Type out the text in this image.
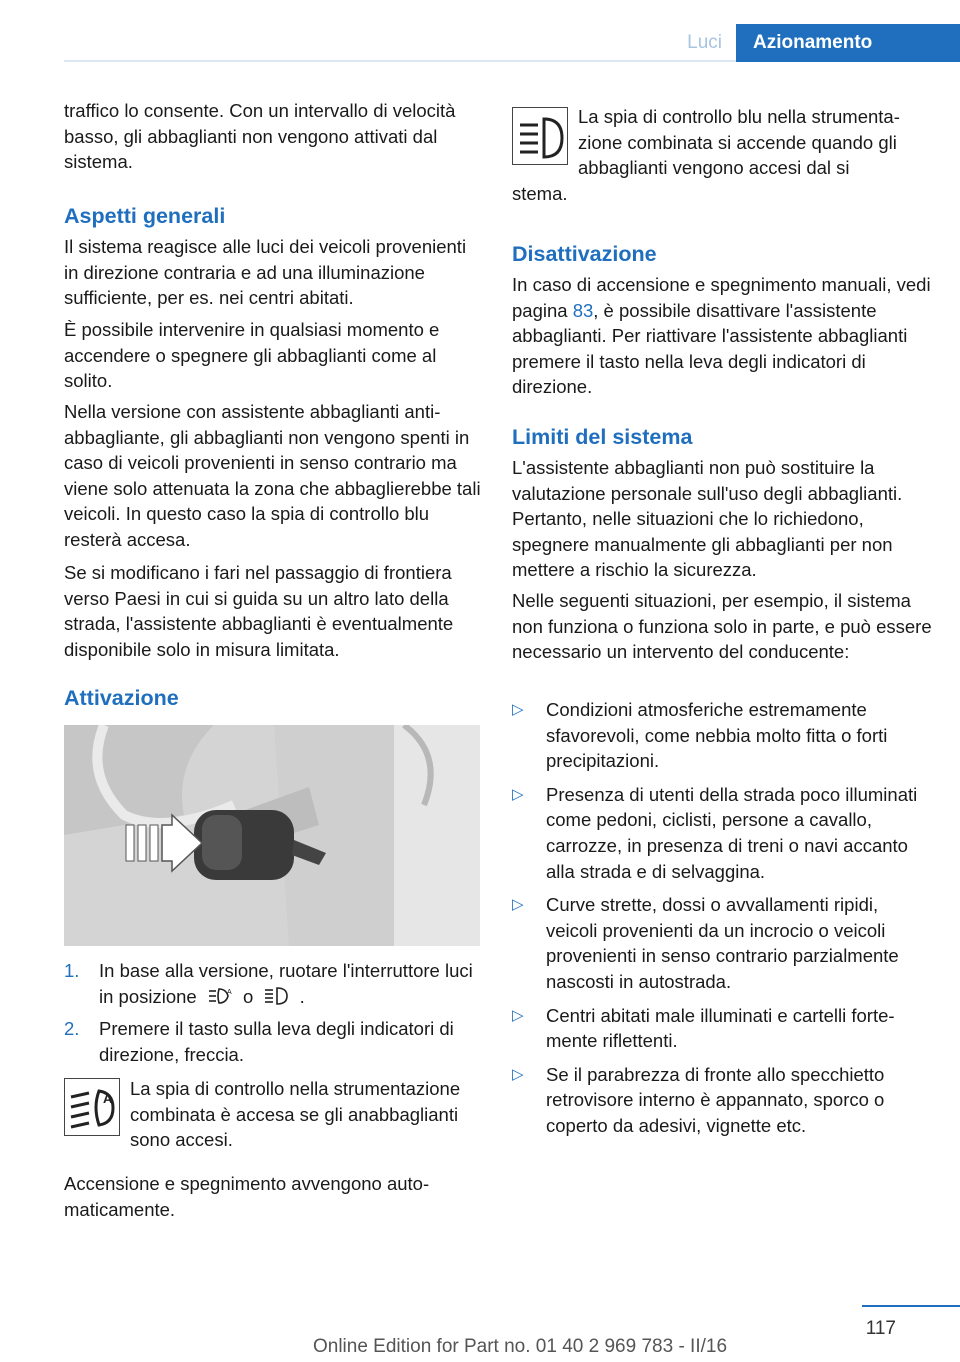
Luci	Azionamento

traffico lo consente. Con un intervallo di velocità basso, gli abbaglianti non vengono attivati dal sistema.

Aspetti generali

Il sistema reagisce alle luci dei veicoli provenienti in direzione contraria e ad una illuminazione sufficiente, per es. nei centri abitati.

È possibile intervenire in qualsiasi momento e accendere o spegnere gli abbaglianti come al solito.

Nella versione con assistente abbaglianti antiabbagliante, gli abbaglianti non vengono spenti in caso di veicoli provenienti in senso contrario ma viene solo attenuata la zona che abbaglierebbe tali veicoli. In questo caso la spia di controllo blu resterà accesa.

Se si modificano i fari nel passaggio di frontiera verso Paesi in cui si guida su un altro lato della strada, l'assistente abbaglianti è eventualmente disponibile solo in misura limitata.

Attivazione
1. In base alla versione, ruotare l'interruttore luci in posizione	A o	.
2. Premere il tasto sulla leva degli indicatori di direzione, freccia.

La spia di controllo nella strumentazione combinata è accesa se gli anabbaglianti sono accesi.

Accensione e spegnimento avvengono automaticamente.

A

La spia di controllo blu nella strumentazione combinata si accende quando gli abbaglianti vengono accesi dal si

stema.

Disattivazione

In caso di accensione e spegnimento manuali, vedi pagina 83, è possibile disattivare l'assistente abbaglianti. Per riattivare l'assistente abbaglianti premere il tasto nella leva degli indicatori di direzione.

Limiti del sistema

L'assistente abbaglianti non può sostituire la valutazione personale sull'uso degli abbaglianti. Pertanto, nelle situazioni che lo richiedono, spegnere manualmente gli abbaglianti per non mettere a rischio la sicurezza.

Nelle seguenti situazioni, per esempio, il sistema non funziona o funziona solo in parte, e può essere necessario un intervento del conducente:

▷ Condizioni atmosferiche estremamente sfavorevoli, come nebbia molto fitta o forti precipitazioni.
▷ Presenza di utenti della strada poco illuminati come pedoni, ciclisti, persone a cavallo, carrozze, in presenza di treni o navi accanto alla strada e di selvaggina.
▷ Curve strette, dossi o avvallamenti ripidi, veicoli provenienti da un incrocio o veicoli provenienti in senso contrario parzialmente nascosti in autostrada.
▷ Centri abitati male illuminati e cartelli fortemente riflettenti.
▷ Se il parabrezza di fronte allo specchietto retrovisore interno è appannato, sporco o coperto da adesivi, vignette etc.
117
Online Edition for Part no. 01 40 2 969 783 - II/16
